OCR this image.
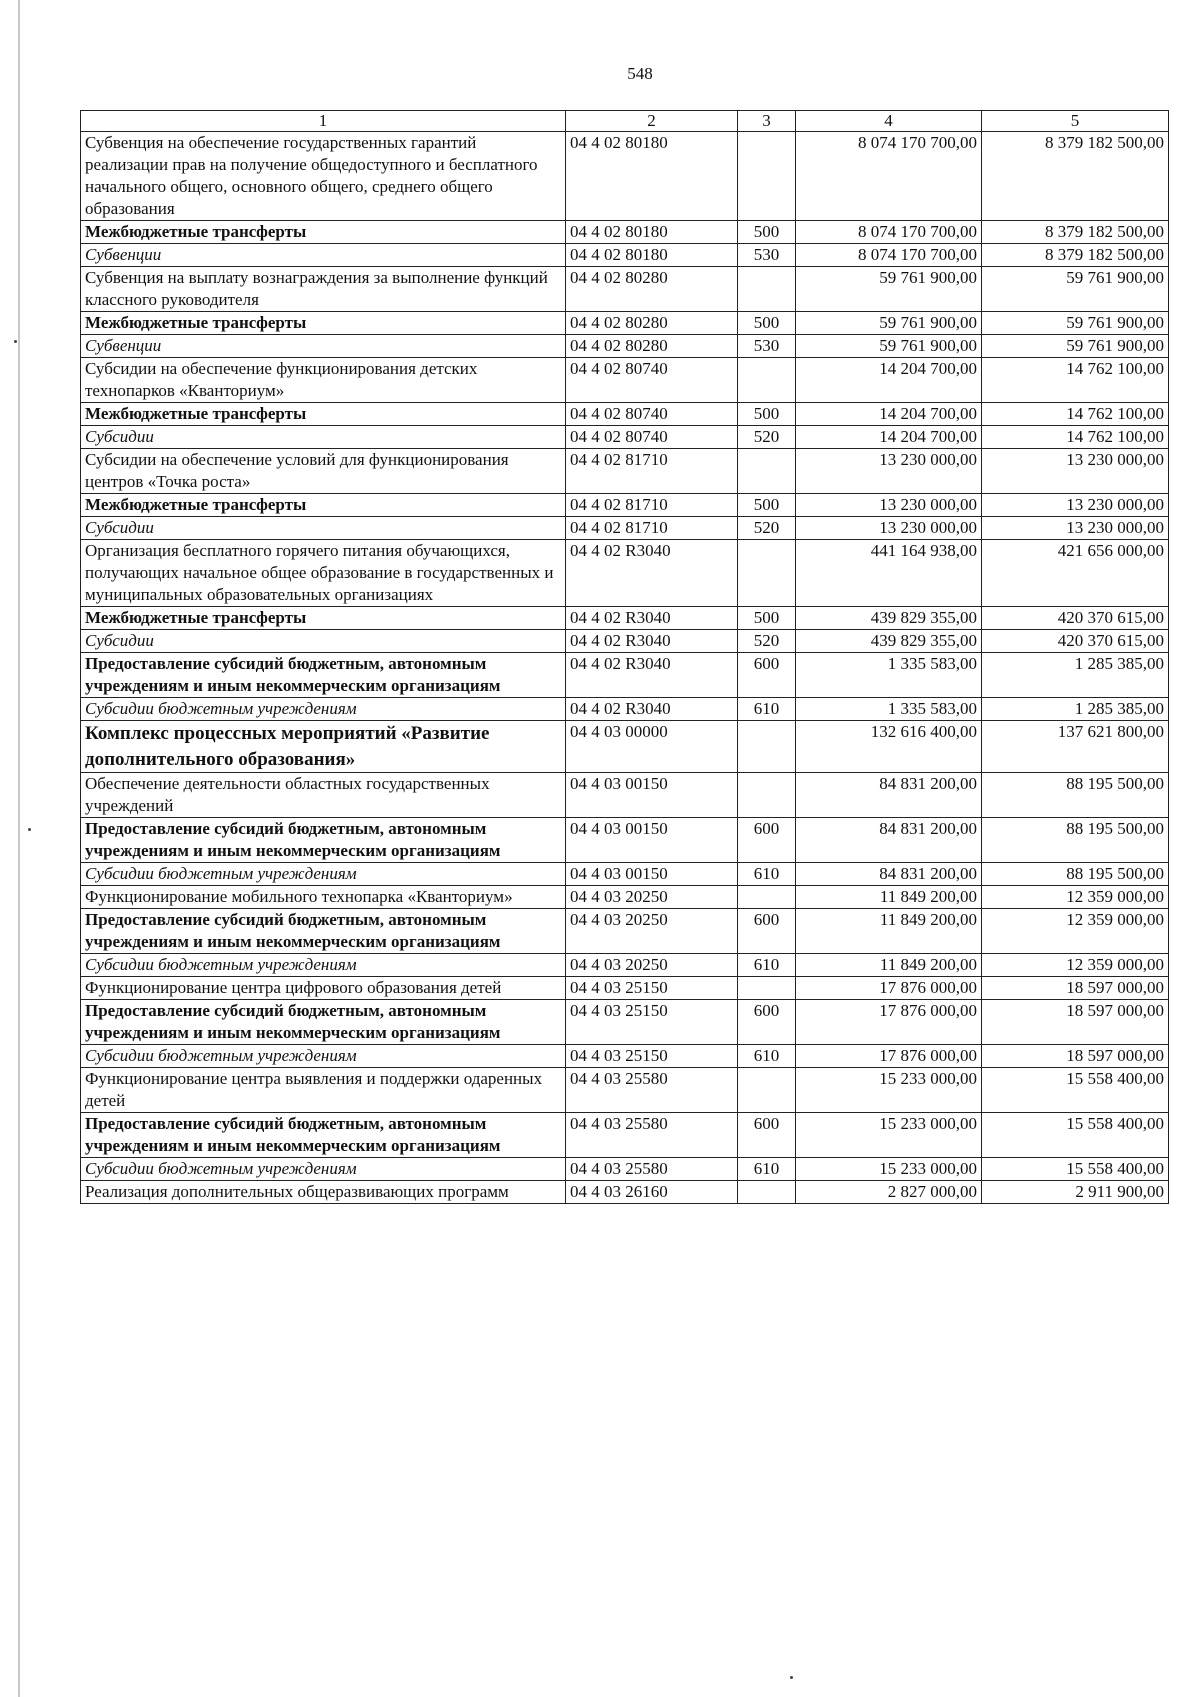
548
1	2	3	4	5
Субвенция на обеспечение государственных гарантий реализации прав на получение общедоступного и бесплатного начального общего, основного общего, среднего общего образования	04 4 02 80180		8 074 170 700,00	8 379 182 500,00
Межбюджетные трансферты	04 4 02 80180	500	8 074 170 700,00	8 379 182 500,00
Субвенции	04 4 02 80180	530	8 074 170 700,00	8 379 182 500,00
Субвенция на выплату вознаграждения за выполнение функций классного руководителя	04 4 02 80280		59 761 900,00	59 761 900,00
Межбюджетные трансферты	04 4 02 80280	500	59 761 900,00	59 761 900,00
Субвенции	04 4 02 80280	530	59 761 900,00	59 761 900,00
Субсидии на обеспечение функционирования детских технопарков «Кванториум»	04 4 02 80740		14 204 700,00	14 762 100,00
Межбюджетные трансферты	04 4 02 80740	500	14 204 700,00	14 762 100,00
Субсидии	04 4 02 80740	520	14 204 700,00	14 762 100,00
Субсидии на обеспечение условий для функционирования центров «Точка роста»	04 4 02 81710		13 230 000,00	13 230 000,00
Межбюджетные трансферты	04 4 02 81710	500	13 230 000,00	13 230 000,00
Субсидии	04 4 02 81710	520	13 230 000,00	13 230 000,00
Организация бесплатного горячего питания обучающихся, получающих начальное общее образование в государственных и муниципальных образовательных организациях	04 4 02 R3040		441 164 938,00	421 656 000,00
Межбюджетные трансферты	04 4 02 R3040	500	439 829 355,00	420 370 615,00
Субсидии	04 4 02 R3040	520	439 829 355,00	420 370 615,00
Предоставление субсидий бюджетным, автономным учреждениям и иным некоммерческим организациям	04 4 02 R3040	600	1 335 583,00	1 285 385,00
Субсидии бюджетным учреждениям	04 4 02 R3040	610	1 335 583,00	1 285 385,00
Комплекс процессных мероприятий «Развитие дополнительного образования»	04 4 03 00000		132 616 400,00	137 621 800,00
Обеспечение деятельности областных государственных учреждений	04 4 03 00150		84 831 200,00	88 195 500,00
Предоставление субсидий бюджетным, автономным учреждениям и иным некоммерческим организациям	04 4 03 00150	600	84 831 200,00	88 195 500,00
Субсидии бюджетным учреждениям	04 4 03 00150	610	84 831 200,00	88 195 500,00
Функционирование мобильного технопарка «Кванториум»	04 4 03 20250		11 849 200,00	12 359 000,00
Предоставление субсидий бюджетным, автономным учреждениям и иным некоммерческим организациям	04 4 03 20250	600	11 849 200,00	12 359 000,00
Субсидии бюджетным учреждениям	04 4 03 20250	610	11 849 200,00	12 359 000,00
Функционирование центра цифрового образования детей	04 4 03 25150		17 876 000,00	18 597 000,00
Предоставление субсидий бюджетным, автономным учреждениям и иным некоммерческим организациям	04 4 03 25150	600	17 876 000,00	18 597 000,00
Субсидии бюджетным учреждениям	04 4 03 25150	610	17 876 000,00	18 597 000,00
Функционирование центра выявления и поддержки одаренных детей	04 4 03 25580		15 233 000,00	15 558 400,00
Предоставление субсидий бюджетным, автономным учреждениям и иным некоммерческим организациям	04 4 03 25580	600	15 233 000,00	15 558 400,00
Субсидии бюджетным учреждениям	04 4 03 25580	610	15 233 000,00	15 558 400,00
Реализация дополнительных общеразвивающих программ	04 4 03 26160		2 827 000,00	2 911 900,00
